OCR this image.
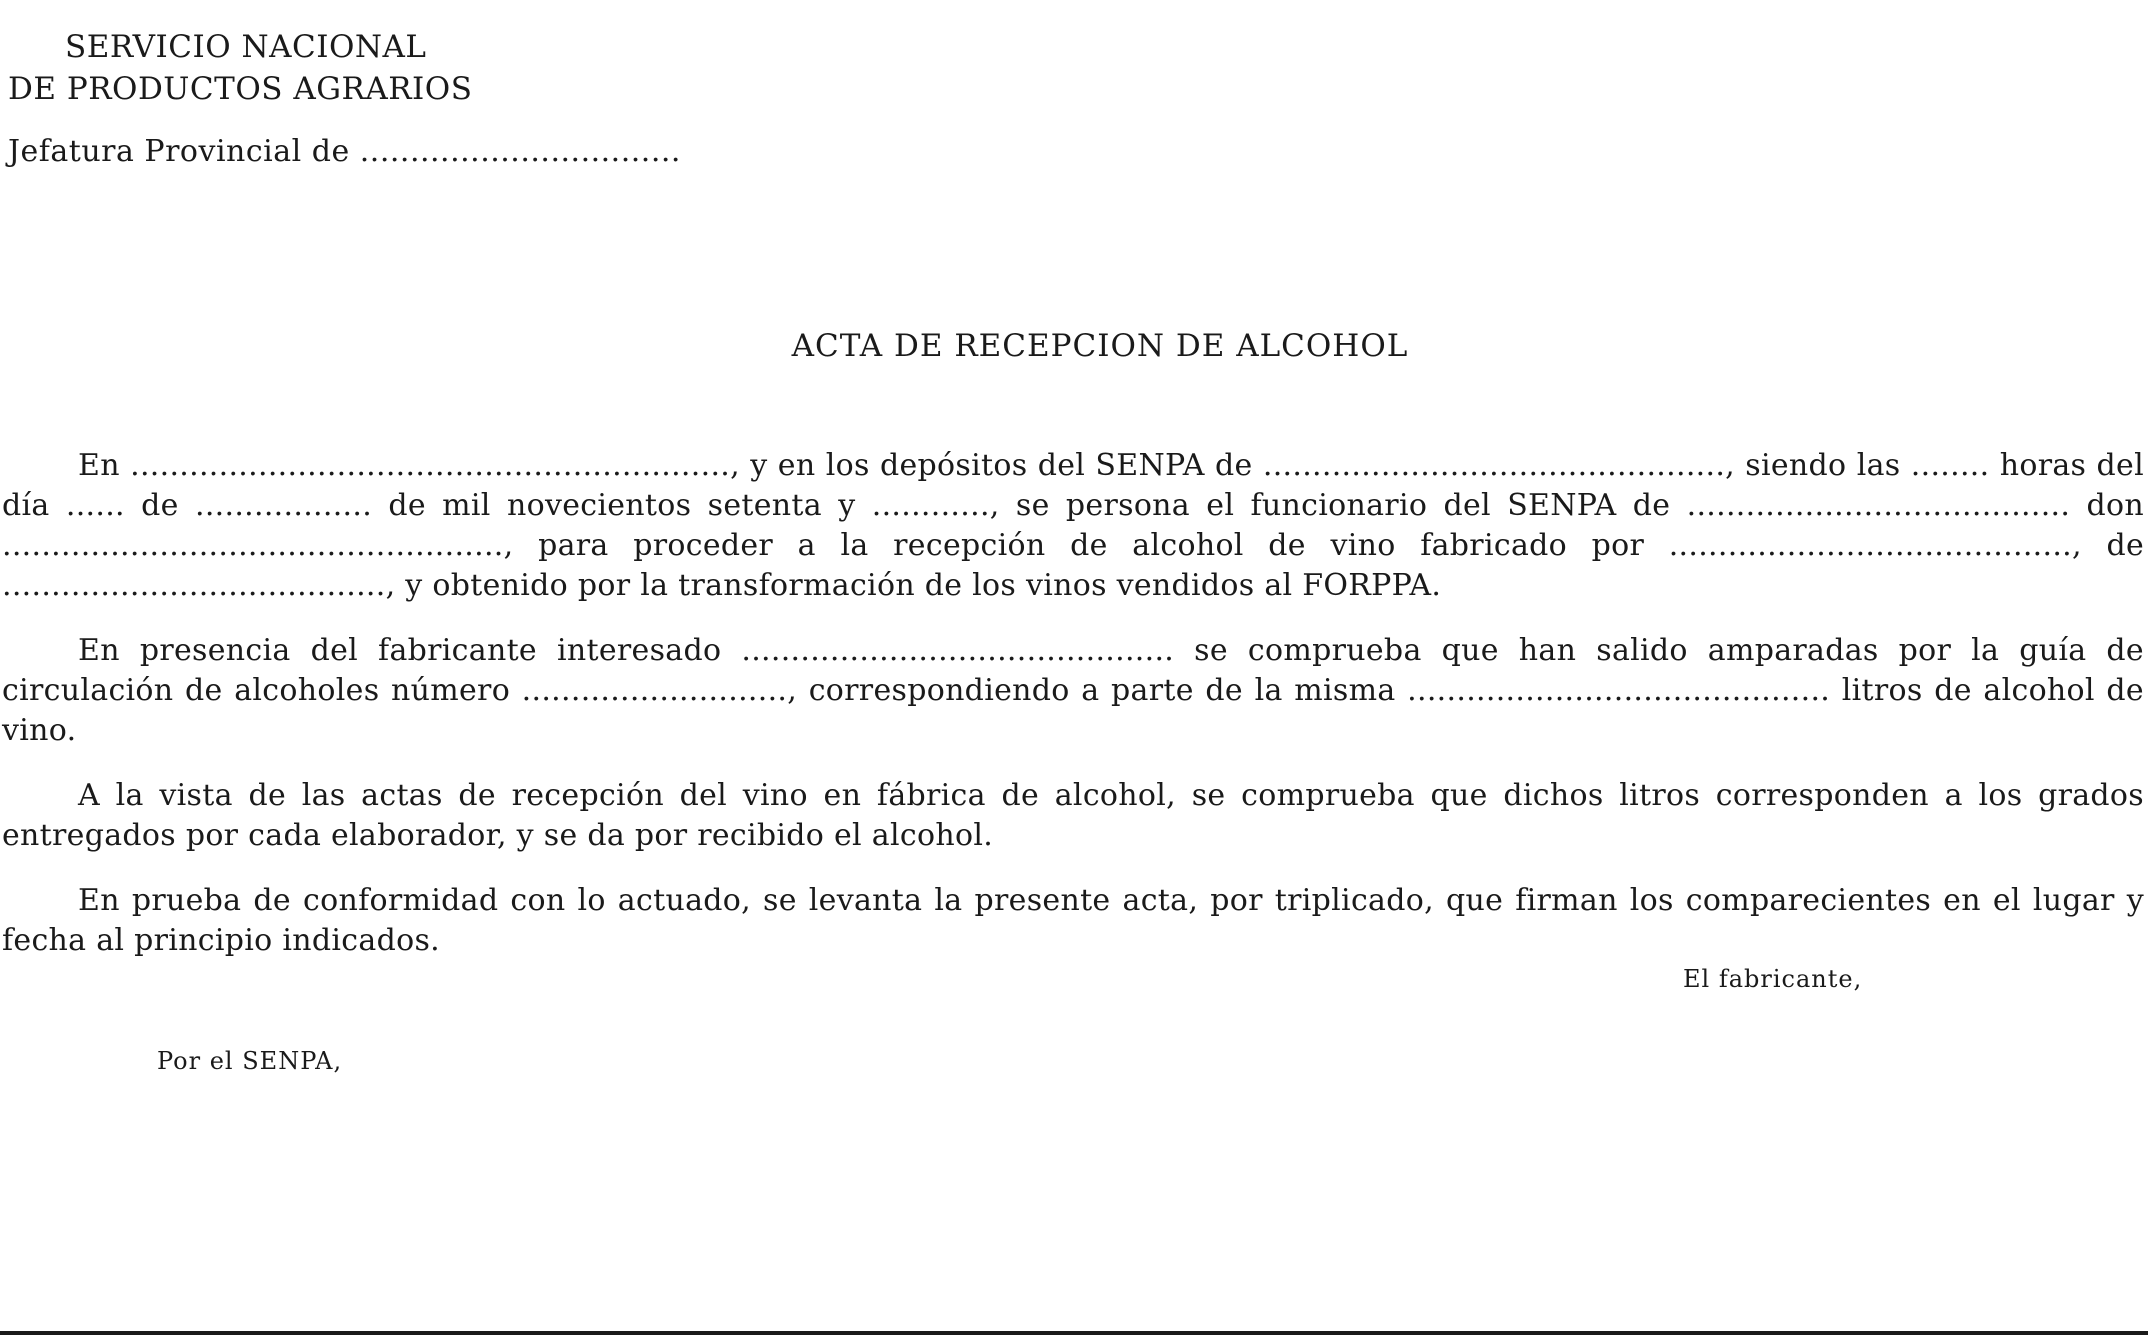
SERVICIO NACIONAL
DE PRODUCTOS AGRARIOS
Jefatura Provincial de ................................
ACTA DE RECEPCION DE ALCOHOL

En ............................................................., y en los depósitos del SENPA de ..............................................., siendo las ........ horas del día ...... de .................. de mil novecientos setenta y ............, se persona el funcionario del SENPA de ....................................... don ..................................................., para proceder a la recepción de alcohol de vino fabricado por ........................................., de ......................................., y obtenido por la transformación de los vinos vendidos al FORPPA.

En presencia del fabricante interesado ............................................ se comprueba que han salido amparadas por la guía de circulación de alcoholes número ..........................., correspondiendo a parte de la misma ........................................... litros de alcohol de vino.

A la vista de las actas de recepción del vino en fábrica de alcohol, se comprueba que dichos litros corresponden a los grados entregados por cada elaborador, y se da por recibido el alcohol.

En prueba de conformidad con lo actuado, se levanta la presente acta, por triplicado, que firman los comparecientes en el lugar y fecha al principio indicados.

El fabricante,
Por el SENPA,
